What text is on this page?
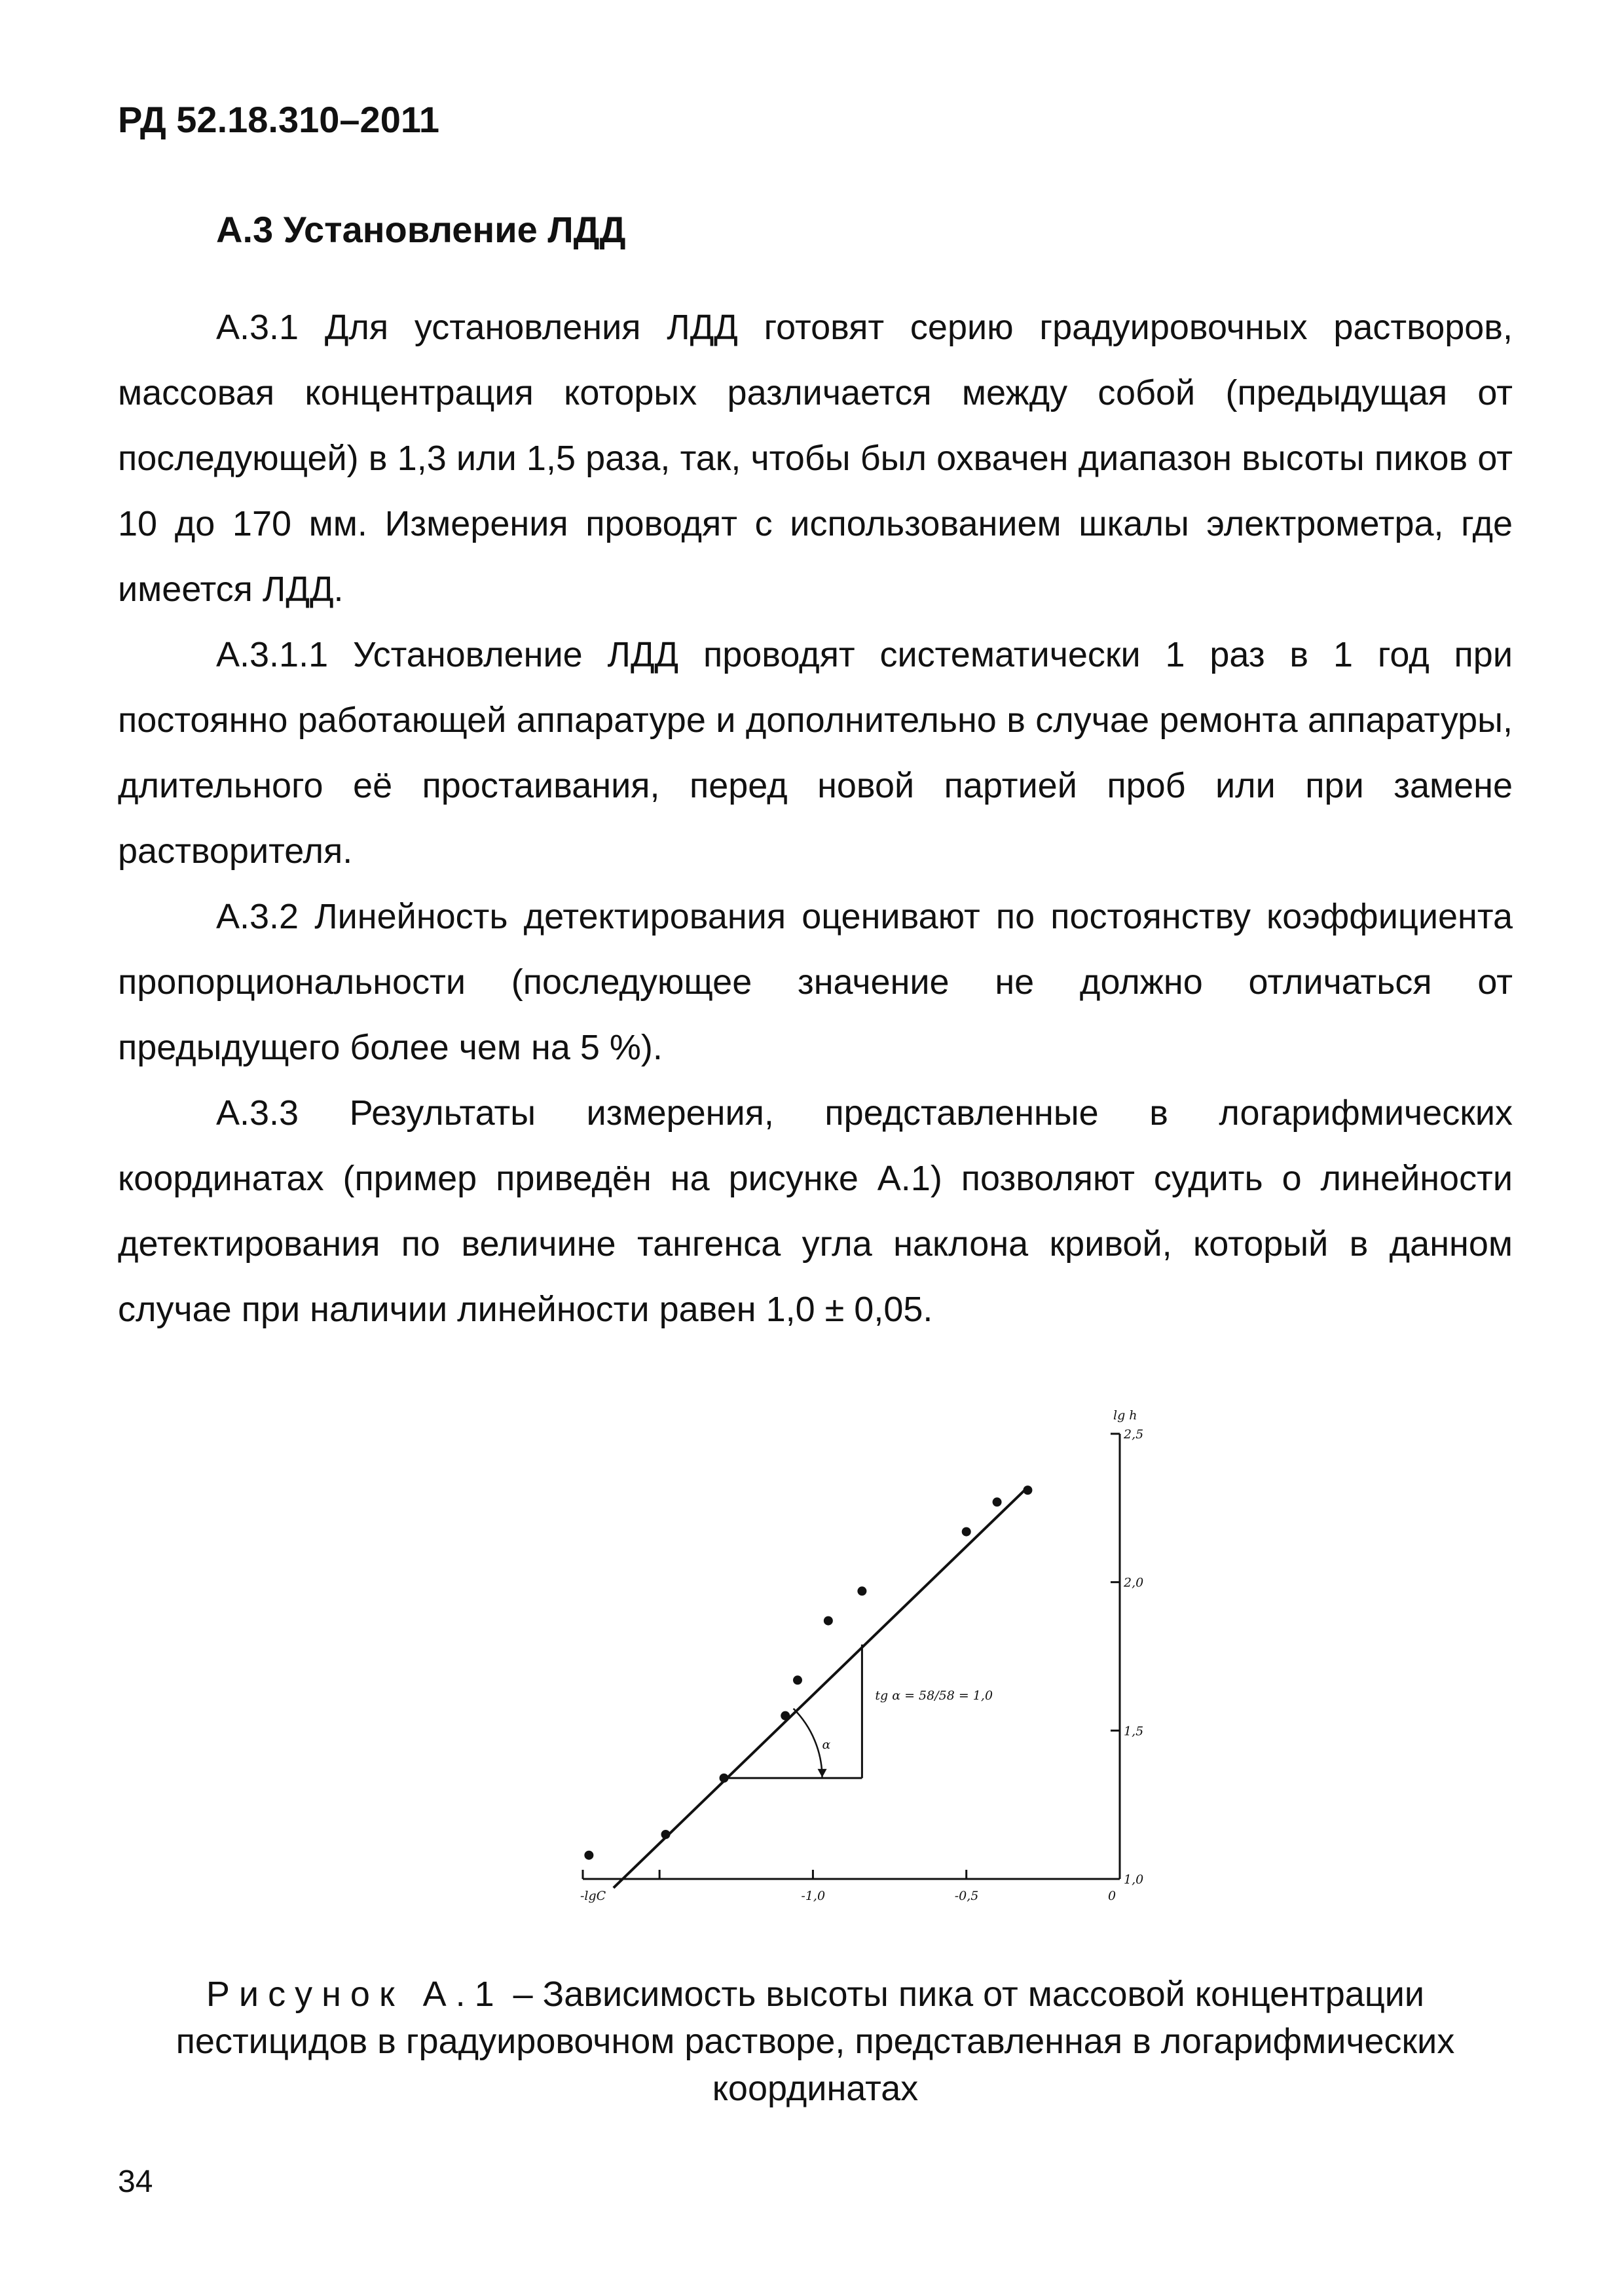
РД 52.18.310–2011
А.3 Установление ЛДД

А.3.1 Для установления ЛДД готовят серию градуировочных растворов, массовая концентрация которых различается между собой (предыдущая от последующей) в 1,3 или 1,5 раза, так, чтобы был охвачен диапазон высоты пиков от 10 до 170 мм. Измерения проводят с использованием шкалы электрометра, где имеется ЛДД.

А.3.1.1 Установление ЛДД проводят систематически 1 раз в 1 год при постоянно работающей аппаратуре и дополнительно в случае ремонта аппаратуры, длительного её простаивания, перед новой партией проб или при замене растворителя.

А.3.2 Линейность детектирования оценивают по постоянству коэффициента пропорциональности (последующее значение не должно отличаться от предыдущего более чем на 5 %).

А.3.3 Результаты измерения, представленные в логарифмических координатах (пример приведён на рисунке А.1) позволяют судить о линейности детектирования по величине тангенса угла наклона кривой, который в данном случае при наличии линейности равен 1,0 ± 0,05.

-1,0	-0,5	0
2,5
2,0
1,5
1,0
-lgC
lg h
α
tg α = 58/58 = 1,0
Рисунок А.1 – Зависимость высоты пика от массовой концентрации пестицидов в градуировочном растворе, представленная в логарифмических координатах
34
